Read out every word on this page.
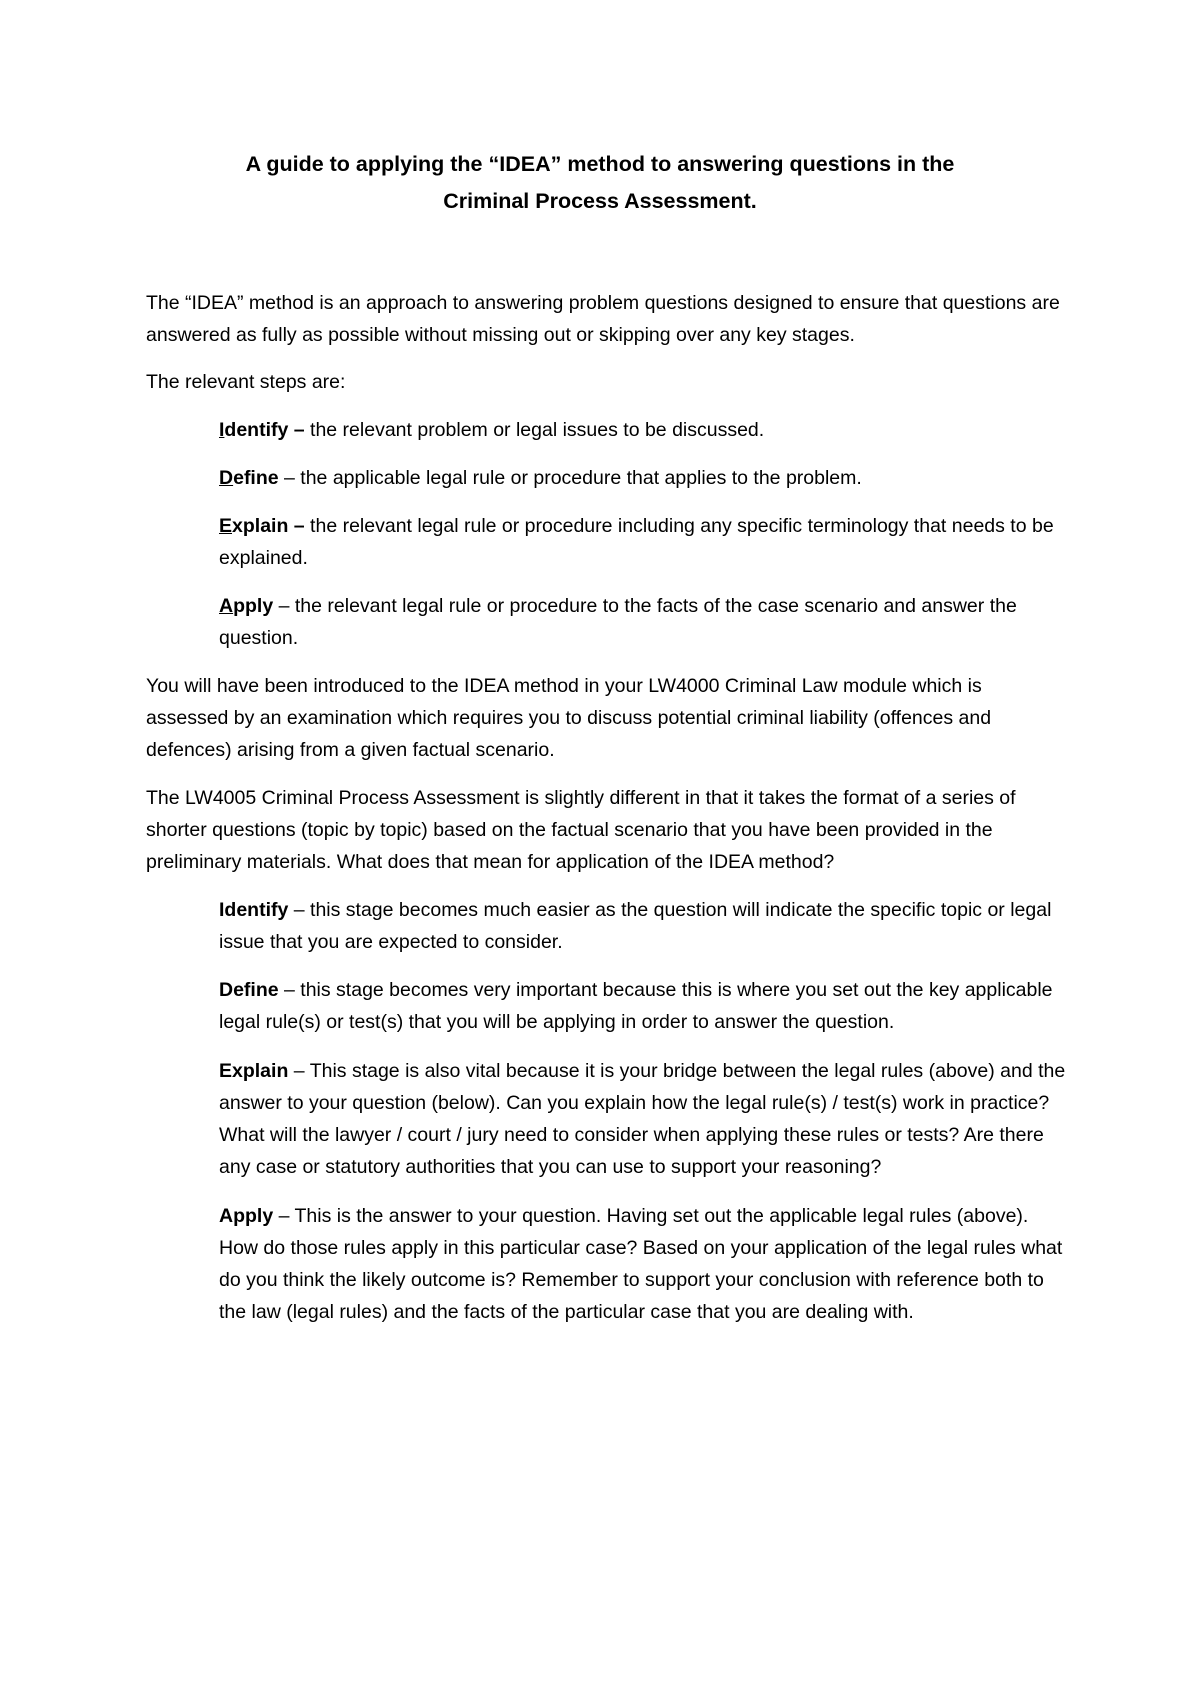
A guide to applying the “IDEA” method to answering questions in the
Criminal Process Assessment.

The “IDEA” method is an approach to answering problem questions designed to ensure that questions are answered as fully as possible without missing out or skipping over any key stages.

The relevant steps are:

Identify – the relevant problem or legal issues to be discussed.
Define – the applicable legal rule or procedure that applies to the problem.
Explain – the relevant legal rule or procedure including any specific terminology that needs to be explained.
Apply – the relevant legal rule or procedure to the facts of the case scenario and answer the question.

You will have been introduced to the IDEA method in your LW4000 Criminal Law module which is assessed by an examination which requires you to discuss potential criminal liability (offences and defences) arising from a given factual scenario.

The LW4005 Criminal Process Assessment is slightly different in that it takes the format of a series of shorter questions (topic by topic) based on the factual scenario that you have been provided in the preliminary materials. What does that mean for application of the IDEA method?

Identify – this stage becomes much easier as the question will indicate the specific topic or legal issue that you are expected to consider.
Define – this stage becomes very important because this is where you set out the key applicable legal rule(s) or test(s) that you will be applying in order to answer the question.
Explain – This stage is also vital because it is your bridge between the legal rules (above) and the answer to your question (below). Can you explain how the legal rule(s) / test(s) work in practice? What will the lawyer / court / jury need to consider when applying these rules or tests? Are there any case or statutory authorities that you can use to support your reasoning?
Apply – This is the answer to your question. Having set out the applicable legal rules (above). How do those rules apply in this particular case? Based on your application of the legal rules what do you think the likely outcome is? Remember to support your conclusion with reference both to the law (legal rules) and the facts of the particular case that you are dealing with.
